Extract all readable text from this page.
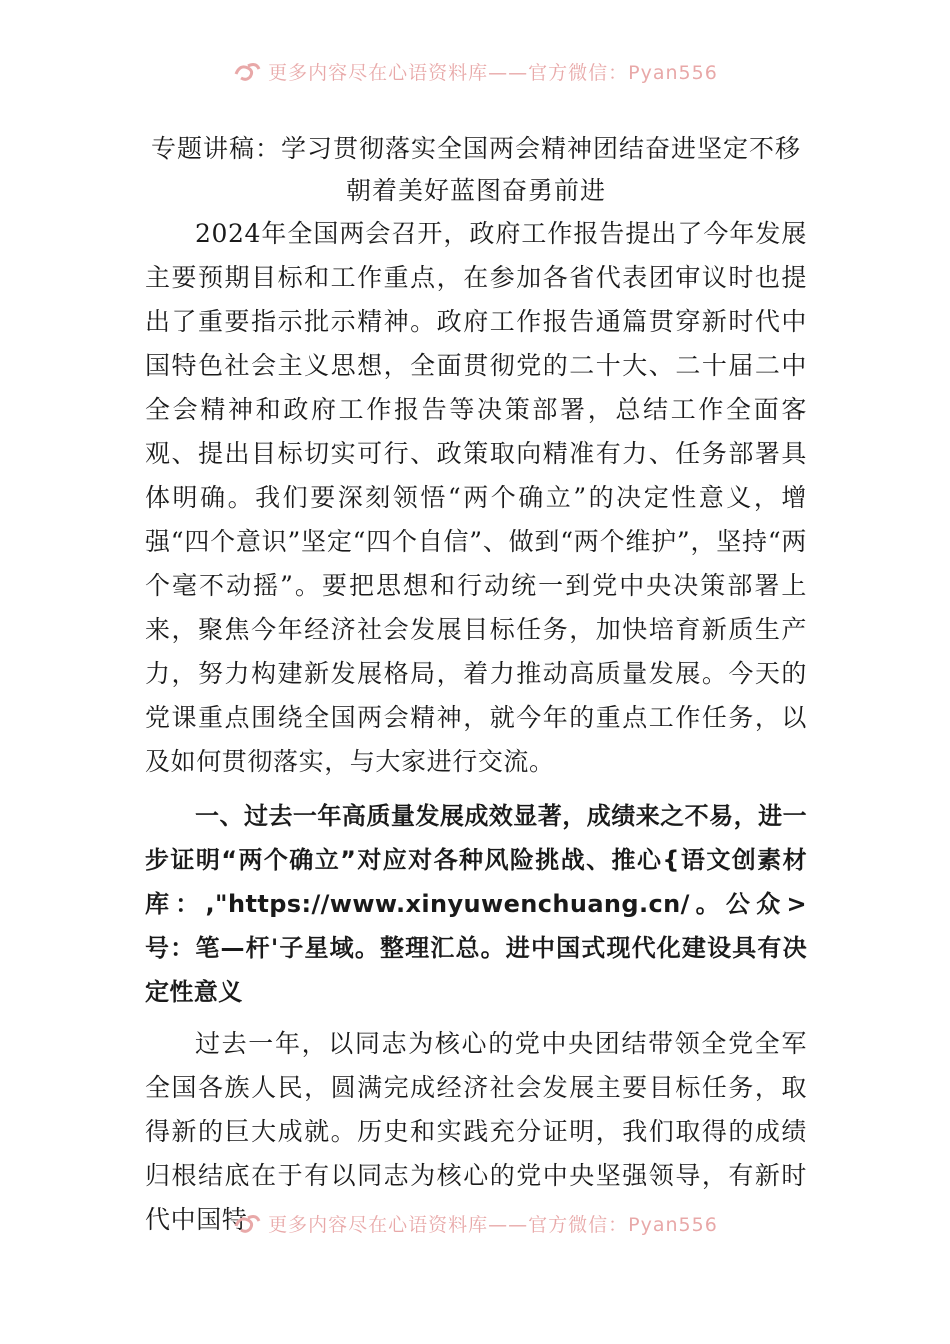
更多内容尽在心语资料库——官方微信：Pyan556
专题讲稿：学习贯彻落实全国两会精神团结奋进坚定不移
朝着美好蓝图奋勇前进

2024年全国两会召开，政府工作报告提出了今年发展主要预期目标和工作重点，在参加各省代表团审议时也提出了重要指示批示精神。政府工作报告通篇贯穿新时代中国特色社会主义思想，全面贯彻党的二十大、二十届二中全会精神和政府工作报告等决策部署，总结工作全面客观、提出目标切实可行、政策取向精准有力、任务部署具体明确。我们要深刻领悟“两个确立”的决定性意义，增强“四个意识”坚定“四个自信”、做到“两个维护”，坚持“两个毫不动摇”。要把思想和行动统一到党中央决策部署上来，聚焦今年经济社会发展目标任务，加快培育新质生产力，努力构建新发展格局，着力推动高质量发展。今天的党课重点围绕全国两会精神，就今年的重点工作任务，以及如何贯彻落实，与大家进行交流。

一、过去一年高质量发展成效显著，成绩来之不易，进一步证明“两个确立”对应对各种风险挑战、推心{语文创素材库：,"https://www.xinyuwenchuang.cn/。公众>号：笔—杆'子星域。整理汇总。进中国式现代化建设具有决定性意义

过去一年，以同志为核心的党中央团结带领全党全军全国各族人民，圆满完成经济社会发展主要目标任务，取得新的巨大成就。历史和实践充分证明，我们取得的成绩归根结底在于有以同志为核心的党中央坚强领导，有新时代中国特	更多内容尽在心语资料库——官方微信：Pyan556
